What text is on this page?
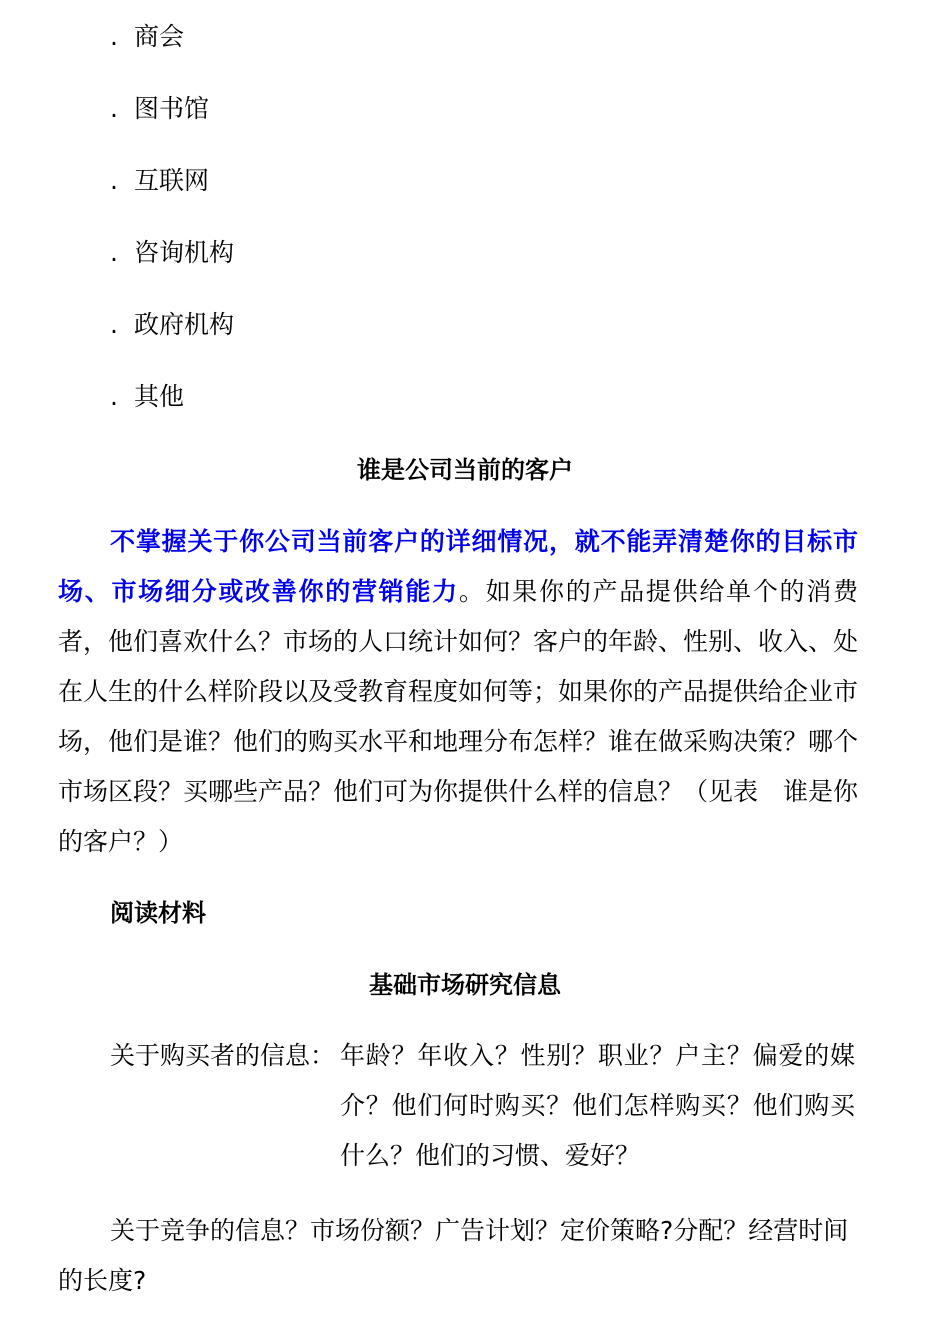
. 商会
. 图书馆
. 互联网
. 咨询机构
. 政府机构
. 其他
谁是公司当前的客户
不掌握关于你公司当前客户的详细情况，就不能弄清楚你的目标市场、市场细分或改善你的营销能力。如果你的产品提供给单个的消费者，他们喜欢什么？市场的人口统计如何？客户的年龄、性别、收入、处在人生的什么样阶段以及受教育程度如何等；如果你的产品提供给企业市场，他们是谁？他们的购买水平和地理分布怎样？谁在做采购决策？哪个市场区段？买哪些产品？他们可为你提供什么样的信息？（见表　谁是你的客户？）
阅读材料
基础市场研究信息
关于购买者的信息： 年龄？年收入？性别？职业？户主？偏爱的媒介？他们何时购买？他们怎样购买？他们购买什么？他们的习惯、爱好？
关于竞争的信息？市场份额？广告计划？定价策略?分配？经营时间的长度?
